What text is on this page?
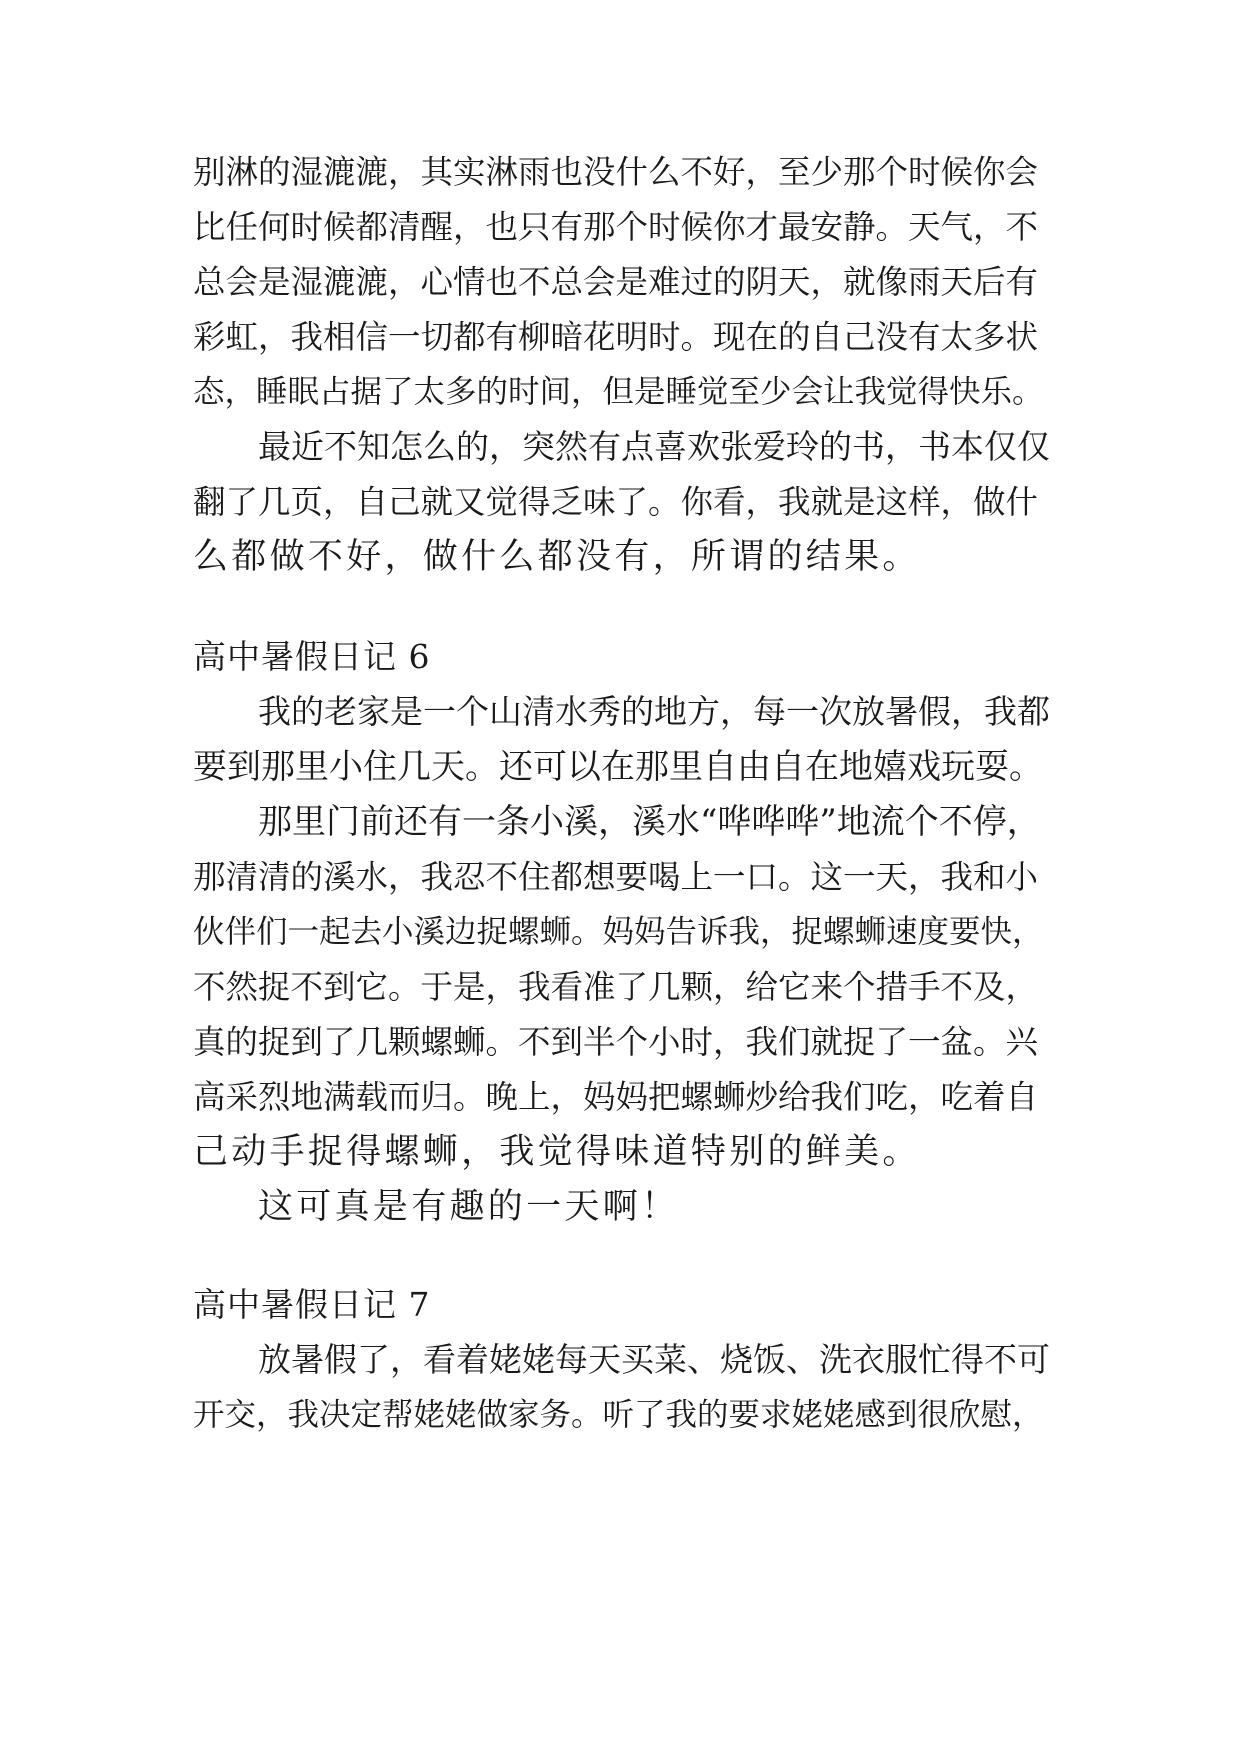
别淋的湿漉漉，其实淋雨也没什么不好，至少那个时候你会
比任何时候都清醒，也只有那个时候你才最安静。天气，不
总会是湿漉漉，心情也不总会是难过的阴天，就像雨天后有
彩虹，我相信一切都有柳暗花明时。现在的自己没有太多状
态，睡眠占据了太多的时间，但是睡觉至少会让我觉得快乐。
最近不知怎么的，突然有点喜欢张爱玲的书，书本仅仅
翻了几页，自己就又觉得乏味了。你看，我就是这样，做什
么都做不好，做什么都没有，所谓的结果。
高中暑假日记 6
我的老家是一个山清水秀的地方，每一次放暑假，我都
要到那里小住几天。还可以在那里自由自在地嬉戏玩耍。
那里门前还有一条小溪，溪水“哗哗哗”地流个不停，
那清清的溪水，我忍不住都想要喝上一口。这一天，我和小
伙伴们一起去小溪边捉螺蛳。妈妈告诉我，捉螺蛳速度要快，
不然捉不到它。于是，我看准了几颗，给它来个措手不及，
真的捉到了几颗螺蛳。不到半个小时，我们就捉了一盆。兴
高采烈地满载而归。晚上，妈妈把螺蛳炒给我们吃，吃着自
己动手捉得螺蛳，我觉得味道特别的鲜美。
这可真是有趣的一天啊！
高中暑假日记 7
放暑假了，看着姥姥每天买菜、烧饭、洗衣服忙得不可
开交，我决定帮姥姥做家务。听了我的要求姥姥感到很欣慰，
